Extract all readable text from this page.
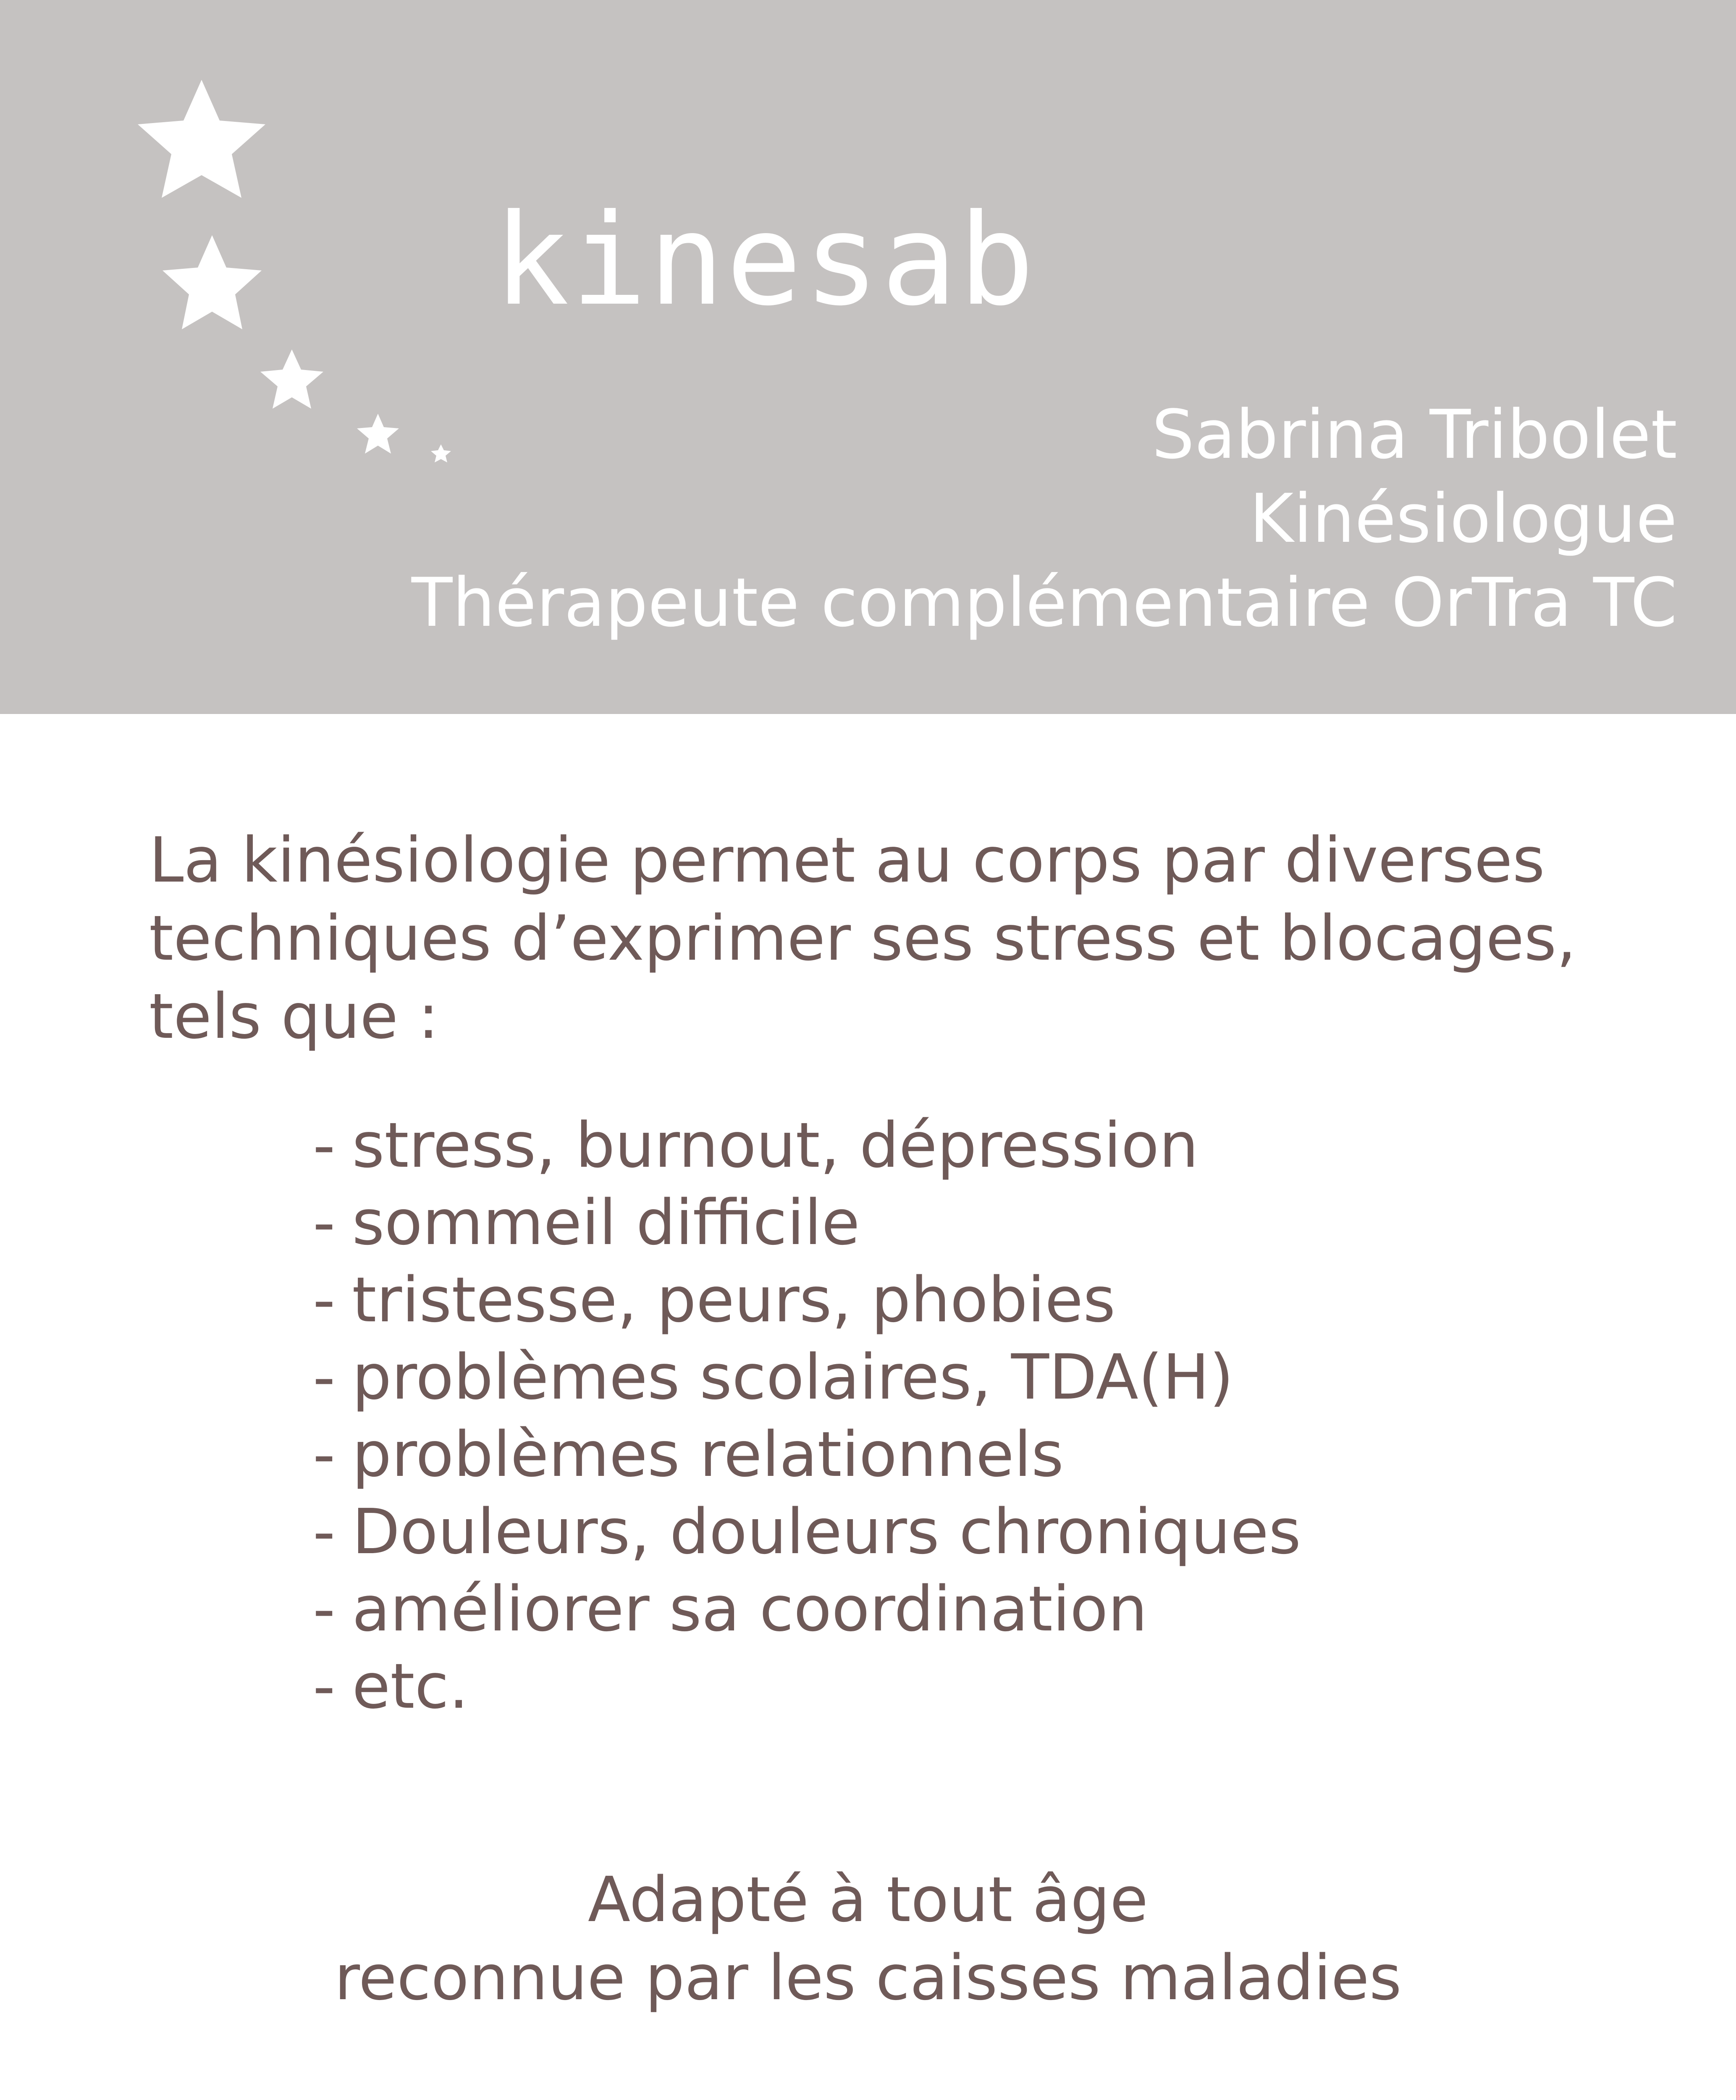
kinesab
Sabrina Tribolet
Kinésiologue
Thérapeute complémentaire OrTra TC
La kinésiologie permet au corps par diverses
techniques d’exprimer ses stress et blocages,
tels que :
- stress, burnout, dépression
- sommeil difficile
- tristesse, peurs, phobies
- problèmes scolaires, TDA(H)
- problèmes relationnels
- Douleurs, douleurs chroniques
- améliorer sa coordination
- etc.
Adapté à tout âge
reconnue par les caisses maladies
